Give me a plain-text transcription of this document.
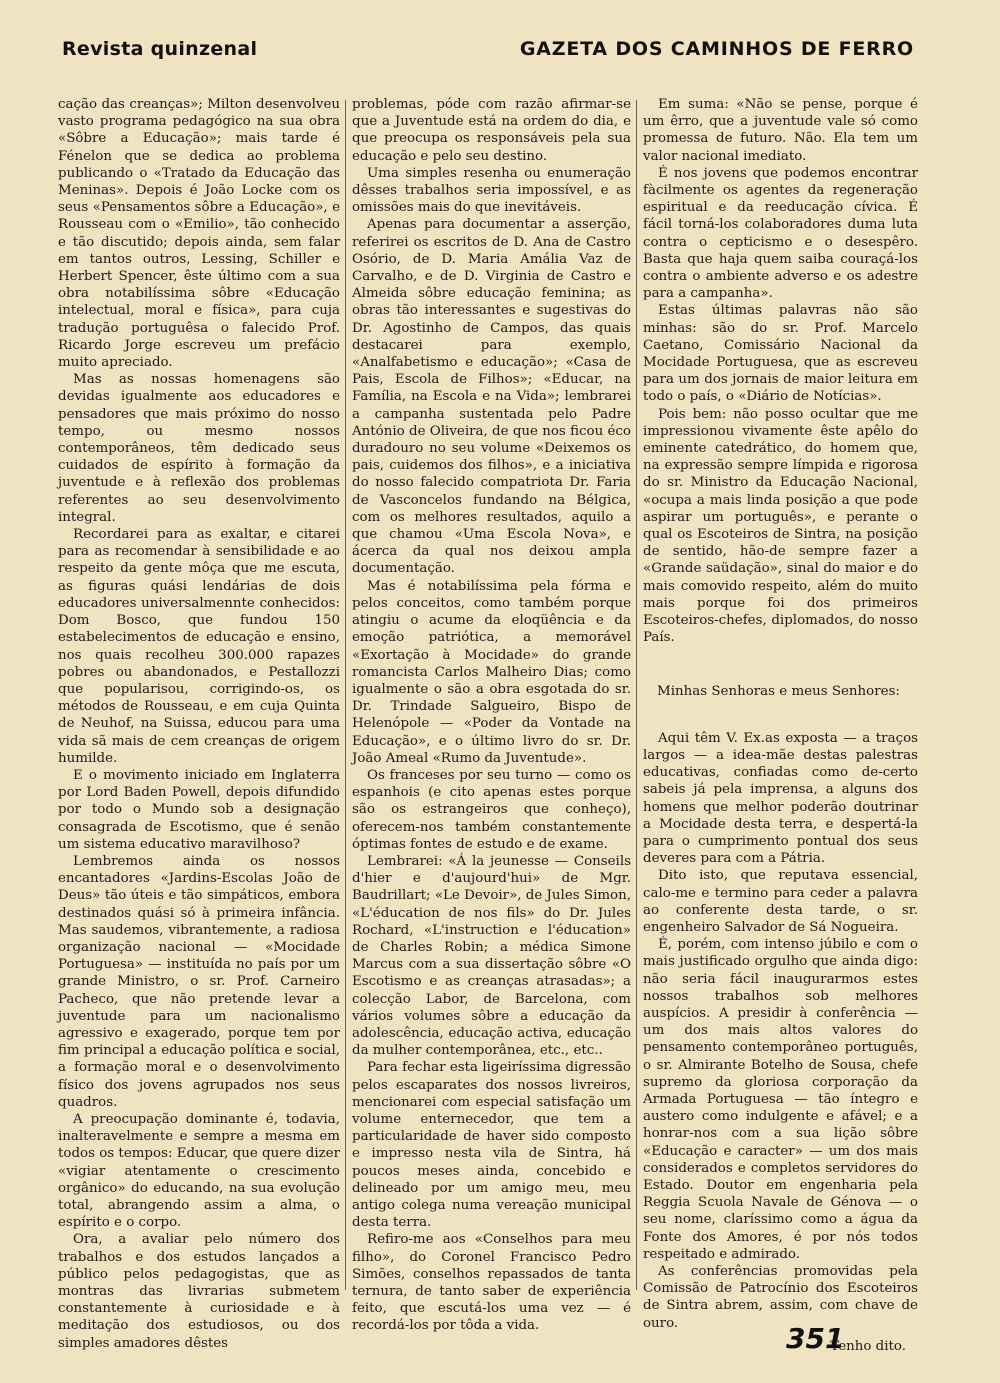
Revista quinzenal	GAZETA DOS CAMINHOS DE FERRO

cação das creanças»; Milton desenvolveu vasto programa pedagógico na sua obra «Sôbre a Educação»; mais tarde é Fénelon que se dedica ao problema publicando o «Tratado da Educação das Meninas». Depois é João Locke com os seus «Pensamentos sôbre a Educação», e Rousseau com o «Emilio», tão conhecido e tão discutido; depois ainda, sem falar em tantos outros, Lessing, Schiller e Herbert Spencer, êste último com a sua obra notabilíssima sôbre «Educação intelectual, moral e física», para cuja tradução portuguêsa o falecido Prof. Ricardo Jorge escreveu um prefácio muito apreciado.

Mas as nossas homenagens são devidas igualmente aos educadores e pensadores que mais próximo do nosso tempo, ou mesmo nossos contemporâneos, têm dedicado seus cuidados de espírito à formação da juventude e à reflexão dos problemas referentes ao seu desenvolvimento integral.

Recordarei para as exaltar, e citarei para as recomendar à sensibilidade e ao respeito da gente môça que me escuta, as figuras quási lendárias de dois educadores universalmennte conhecidos: Dom Bosco, que fundou 150 estabelecimentos de educação e ensino, nos quais recolheu 300.000 rapazes pobres ou abandonados, e Pestallozzi que popularisou, corrigindo-os, os métodos de Rousseau, e em cuja Quinta de Neuhof, na Suissa, educou para uma vida sã mais de cem creanças de origem humilde.

E o movimento iniciado em Inglaterra por Lord Baden Powell, depois difundido por todo o Mundo sob a designação consagrada de Escotismo, que é senão um sistema educativo maravilhoso?

Lembremos ainda os nossos encantadores «Jardins-Escolas João de Deus» tão úteis e tão simpáticos, embora destinados quási só à primeira infância. Mas saudemos, vibrantemente, a radiosa organização nacional — «Mocidade Portuguesa» — instituída no país por um grande Ministro, o sr. Prof. Carneiro Pacheco, que não pretende levar a juventude para um nacionalismo agressivo e exagerado, porque tem por fim principal a educação política e social, a formação moral e o desenvolvimento físico dos jovens agrupados nos seus quadros.

A preocupação dominante é, todavia, inalteravelmente e sempre a mesma em todos os tempos: Educar, que quere dizer «vigiar atentamente o crescimento orgânico» do educando, na sua evolução total, abrangendo assim a alma, o espírito e o corpo.

Ora, a avaliar pelo número dos trabalhos e dos estudos lançados a público pelos pedagogistas, que as montras das livrarias submetem constantemente à curiosidade e à meditação dos estudiosos, ou dos simples amadores dêstes

problemas, póde com razão afirmar-se que a Juventude está na ordem do dia, e que preocupa os responsáveis pela sua educação e pelo seu destino.

Uma simples resenha ou enumeração dêsses trabalhos seria impossível, e as omissões mais do que inevitáveis.

Apenas para documentar a asserção, referirei os escritos de D. Ana de Castro Osório, de D. Maria Amália Vaz de Carvalho, e de D. Virginia de Castro e Almeida sôbre educação feminina; as obras tão interessantes e sugestivas do Dr. Agostinho de Campos, das quais destacarei para exemplo, «Analfabetismo e educação»; «Casa de Pais, Escola de Filhos»; «Educar, na Família, na Escola e na Vida»; lembrarei a campanha sustentada pelo Padre António de Oliveira, de que nos ficou éco duradouro no seu volume «Deixemos os pais, cuidemos dos filhos», e a iniciativa do nosso falecido compatriota Dr. Faria de Vasconcelos fundando na Bélgica, com os melhores resultados, aquilo a que chamou «Uma Escola Nova», e ácerca da qual nos deixou ampla documentação.

Mas é notabilíssima pela fórma e pelos conceitos, como também porque atingiu o acume da eloqüência e da emoção patriótica, a memorável «Exortação à Mocidade» do grande romancista Carlos Malheiro Dias; como igualmente o são a obra esgotada do sr. Dr. Trindade Salgueiro, Bispo de Helenópole — «Poder da Vontade na Educação», e o último livro do sr. Dr. João Ameal «Rumo da Juventude».

Os franceses por seu turno — como os espanhois (e cito apenas estes porque são os estrangeiros que conheço), oferecem-nos também constantemente óptimas fontes de estudo e de exame.

Lembrarei: «Á la jeunesse — Conseils d'hier e d'aujourd'hui» de Mgr. Baudrillart; «Le Devoir», de Jules Simon, «L'éducation de nos fils» do Dr. Jules Rochard, «L'instruction e l'éducation» de Charles Robin; a médica Simone Marcus com a sua dissertação sôbre «O Escotismo e as creanças atrasadas»; a colecção Labor, de Barcelona, com vários volumes sôbre a educação da adolescência, educação activa, educação da mulher contemporânea, etc., etc..

Para fechar esta ligeiríssima digressão pelos escaparates dos nossos livreiros, mencionarei com especial satisfação um volume enternecedor, que tem a particularidade de haver sido composto e impresso nesta vila de Sintra, há poucos meses ainda, concebido e delineado por um amigo meu, meu antigo colega numa vereação municipal desta terra.

Refiro-me aos «Conselhos para meu filho», do Coronel Francisco Pedro Simões, conselhos repassados de tanta ternura, de tanto saber de experiência feito, que escutá-los uma vez — é recordá-los por tôda a vida.

Em suma: «Não se pense, porque é um êrro, que a juventude vale só como promessa de futuro. Não. Ela tem um valor nacional imediato.

É nos jovens que podemos encontrar fàcilmente os agentes da regeneração espiritual e da reeducação cívica. É fácil torná-los colaboradores duma luta contra o cepticismo e o desespêro. Basta que haja quem saiba couraçá-los contra o ambiente adverso e os adestre para a campanha».

Estas últimas palavras não são minhas: são do sr. Prof. Marcelo Caetano, Comissário Nacional da Mocidade Portuguesa, que as escreveu para um dos jornais de maior leitura em todo o país, o «Diário de Notícias».

Pois bem: não posso ocultar que me impressionou vivamente êste apêlo do eminente catedrático, do homem que, na expressão sempre límpida e rigorosa do sr. Ministro da Educação Nacional, «ocupa a mais linda posição a que pode aspirar um português», e perante o qual os Escoteiros de Sintra, na posição de sentido, hão-de sempre fazer a «Grande saüdação», sinal do maior e do mais comovido respeito, além do muito mais porque foi dos primeiros Escoteiros-chefes, diplomados, do nosso País.

Minhas Senhoras e meus Senhores:

Aqui têm V. Ex.as exposta — a traços largos — a idea-mãe destas palestras educativas, confiadas como de-certo sabeis já pela imprensa, a alguns dos homens que melhor poderão doutrinar a Mocidade desta terra, e despertá-la para o cumprimento pontual dos seus deveres para com a Pátria.

Dito isto, que reputava essencial, calo-me e termino para ceder a palavra ao conferente desta tarde, o sr. engenheiro Salvador de Sá Nogueira.

É, porém, com intenso júbilo e com o mais justificado orgulho que ainda digo: não seria fácil inaugurarmos estes nossos trabalhos sob melhores auspícios. A presidir à conferência — um dos mais altos valores do pensamento contemporâneo português, o sr. Almirante Botelho de Sousa, chefe supremo da gloriosa corporação da Armada Portuguesa — tão íntegro e austero como indulgente e afável; e a honrar-nos com a sua lição sôbre «Educação e caracter» — um dos mais considerados e completos servidores do Estado. Doutor em engenharia pela Reggia Scuola Navale de Génova — o seu nome, claríssimo como a água da Fonte dos Amores, é por nós todos respeitado e admirado.

As conferências promovidas pela Comissão de Patrocínio dos Escoteiros de Sintra abrem, assim, com chave de ouro.

Tenho dito.

351
